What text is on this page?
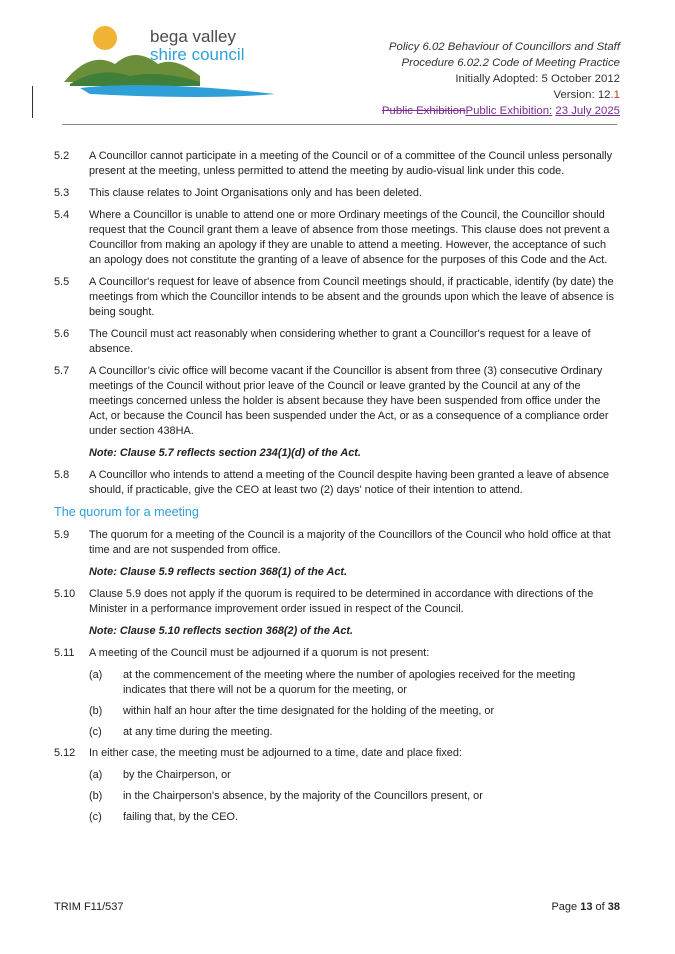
bega valley
shire council	Policy 6.02 Behaviour of Councillors and Staff
Procedure 6.02.2 Code of Meeting Practice
Initially Adopted: 5 October 2012
Version: 12.1
Public ExhibitionPublic Exhibition: 23 July 2025
5.2	A Councillor cannot participate in a meeting of the Council or of a committee of the Council unless personally present at the meeting, unless permitted to attend the meeting by audio-visual link under this code.
5.3	This clause relates to Joint Organisations only and has been deleted.
5.4	Where a Councillor is unable to attend one or more Ordinary meetings of the Council, the Councillor should request that the Council grant them a leave of absence from those meetings. This clause does not prevent a Councillor from making an apology if they are unable to attend a meeting. However, the acceptance of such an apology does not constitute the granting of a leave of absence for the purposes of this Code and the Act.
5.5	A Councillor's request for leave of absence from Council meetings should, if practicable, identify (by date) the meetings from which the Councillor intends to be absent and the grounds upon which the leave of absence is being sought.
5.6	The Council must act reasonably when considering whether to grant a Councillor's request for a leave of absence.
5.7	A Councillor’s civic office will become vacant if the Councillor is absent from three (3) consecutive Ordinary meetings of the Council without prior leave of the Council or leave granted by the Council at any of the meetings concerned unless the holder is absent because they have been suspended from office under the Act, or because the Council has been suspended under the Act, or as a consequence of a compliance order under section 438HA.
Note: Clause 5.7 reflects section 234(1)(d) of the Act.
5.8	A Councillor who intends to attend a meeting of the Council despite having been granted a leave of absence should, if practicable, give the CEO at least two (2) days' notice of their intention to attend.
The quorum for a meeting
5.9	The quorum for a meeting of the Council is a majority of the Councillors of the Council who hold office at that time and are not suspended from office.
Note: Clause 5.9 reflects section 368(1) of the Act.
5.10	Clause 5.9 does not apply if the quorum is required to be determined in accordance with directions of the Minister in a performance improvement order issued in respect of the Council.
Note: Clause 5.10 reflects section 368(2) of the Act.
5.11	A meeting of the Council must be adjourned if a quorum is not present:
(a)	at the commencement of the meeting where the number of apologies received for the meeting indicates that there will not be a quorum for the meeting, or
(b)	within half an hour after the time designated for the holding of the meeting, or
(c)	at any time during the meeting.
5.12	In either case, the meeting must be adjourned to a time, date and place fixed:
(a)	by the Chairperson, or
(b)	in the Chairperson's absence, by the majority of the Councillors present, or
(c)	failing that, by the CEO.
TRIM F11/537	Page 13 of 38
